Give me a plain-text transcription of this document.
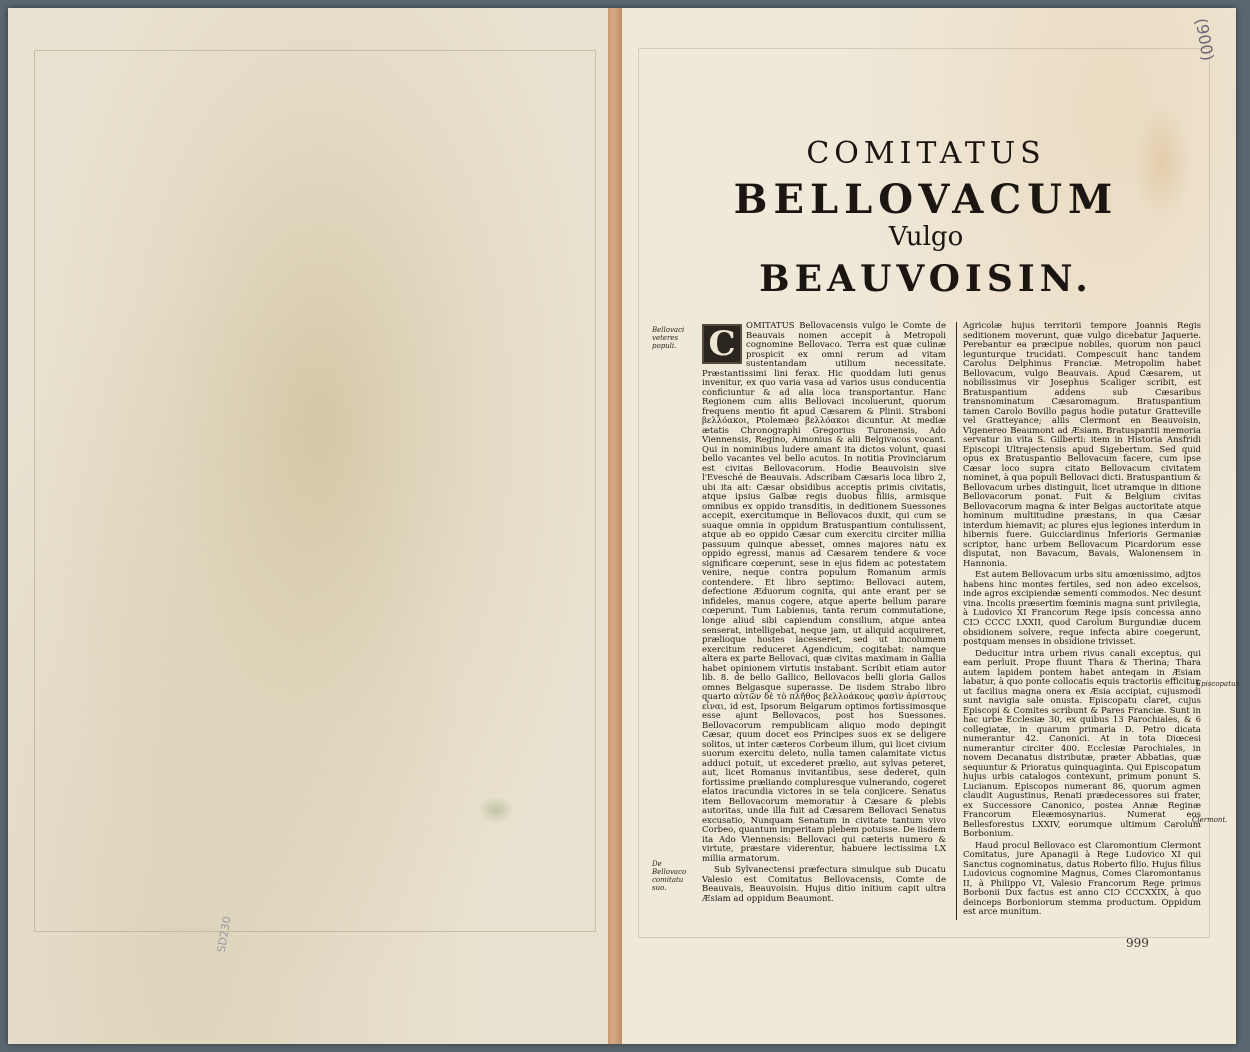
SD230
(900)
COMITATUS
BELLOVACUM
Vulgo
BEAUVOISIN.
Bellovaci veteres populi.
De Bellovaco comitatu suo.
Episcopatus.
Clermont.
C	OMITATUS Bellovacensis vulgo le Comte de Beauvais nomen accepit à Metropoli cognomine Bellovaco. Terra est quæ culinæ prospicit ex omni rerum ad vitam sustentandam utilium necessitate. Præstantissimi lini ferax. Hic quoddam luti genus invenitur, ex quo varia vasa ad varios usus conducentia conficiuntur & ad alia loca transportantur. Hanc Regionem cum aliis Bellovaci incoluerunt, quorum frequens mentio fit apud Cæsarem & Plinii. Straboni βελλόακοι, Ptolemæo βελλόακοι dicuntur. At mediæ ætatis Chronographi Gregorius Turonensis, Ado Viennensis, Regino, Aimonius & alii Belgivacos vocant. Qui in nominibus ludere amant ita dictos volunt, quasi bello vacantes vel bello acutos. In notitia Provinciarum est civitas Bellovacorum. Hodie Beauvoisin sive l'Evesché de Beauvais. Adscribam Cæsaris loca libro 2, ubi ita ait: Cæsar obsidibus acceptis primis civitatis, atque ipsius Galbæ regis duobus filiis, armisque omnibus ex oppido transditis, in deditionem Suessones accepit, exercitumque in Bellovacos duxit, qui cum se suaque omnia in oppidum Bratuspantium contulissent, atque ab eo oppido Cæsar cum exercitu circiter millia passuum quinque abesset, omnes majores natu ex oppido egressi, manus ad Cæsarem tendere & voce significare cœperunt, sese in ejus fidem ac potestatem venire, neque contra populum Romanum armis contendere. Et libro septimo: Bellovaci autem, defectione Æduorum cognita, qui ante erant per se infideles, manus cogere, atque aperte bellum parare cœperunt. Tum Labienus, tanta rerum commutatione, longe aliud sibi capiendum consilium, atque antea senserat, intelligebat, neque jam, ut aliquid acquireret, prælioque hostes lacesseret, sed ut incolumem exercitum reduceret Agendicum, cogitabat: namque altera ex parte Bellovaci, quæ civitas maximam in Gallia habet opinionem virtutis instabant. Scribit etiam autor lib. 8. de bello Gallico, Bellovacos belli gloria Gallos omnes Belgasque superasse. De iisdem Strabo libro quarto αὐτῶν δὲ τὸ πλῆθος βελλοάκους φασὶν ἀρίστους εἶναι, id est, Ipsorum Belgarum optimos fortissimosque esse ajunt Bellovacos, post hos Suessones. Bellovacorum rempublicam aliquo modo depingit Cæsar, quum docet eos Principes suos ex se deligere solitos, ut inter cæteros Corbeum illum, qui licet civium suorum exercitu deleto, nulla tamen calamitate victus adduci potuit, ut excederet prælio, aut sylvas peteret, aut, licet Romanus invitantibus, sese dederet, quin fortissime præliando compluresque vulnerando, cogeret elatos iracundia victores in se tela conjicere. Senatus item Bellovacorum memoratur à Cæsare & plebis autoritas, unde illa fuit ad Cæsarem Bellovaci Senatus excusatio, Nunquam Senatum in civitate tantum vivo Corbeo, quantum imperitam plebem potuisse. De iisdem ita Ado Viennensis: Bellovaci qui cæteris numero & virtute, præstare viderentur, habuere lectissima LX millia armatorum.

Sub Sylvanectensi præfectura simulque sub Ducatu Valesio est Comitatus Bellovacensis, Comte de Beauvais, Beauvoisin. Hujus ditio initium capit ultra Æsiam ad oppidum Beaumont.

Agricolæ hujus territorii tempore Joannis Regis seditionem moverunt, quæ vulgo dicebatur Jaquerie. Perebantur ea præcipue nobiles, quorum non pauci legunturque trucidati. Compescuit hanc tandem Carolus Delphinus Franciæ. Metropolim habet Bellovacum, vulgo Beauvais. Apud Cæsarem, ut nobilissimus vir Josephus Scaliger scribit, est Bratuspantium addens sub Cæsaribus transnominatum Cæsaromagum. Bratuspantium tamen Carolo Bovillo pagus hodie putatur Gratteville vel Gratteyance; aliis Clermont en Beauvoisin, Vigenereo Beaumont ad Æsiam. Bratuspantii memoria servatur in vita S. Gilberti: item in Historia Ansfridi Episcopi Ultrajectensis apud Sigebertum. Sed quid opus ex Bratuspantio Bellovacum facere, cum ipse Cæsar loco supra citato Bellovacum civitatem nominet, à qua populi Bellovaci dicti. Bratuspantium & Bellovacum urbes distinguit, licet utramque in ditione Bellovacorum ponat. Fuit & Belgium civitas Bellovacorum magna & inter Belgas auctoritate atque hominum multitudine præstans, in qua Cæsar interdum hiemavit; ac plures ejus legiones interdum in hibernis fuere. Guicciardinus Inferioris Germaniæ scriptor, hanc urbem Bellovacum Picardorum esse disputat, non Bavacum, Bavais, Walonensem in Hannonia.

Est autem Bellovacum urbs situ amœnissimo, adjtos habens hinc montes fertiles, sed non adeo excelsos, inde agros excipiendæ sementi commodos. Nec desunt vina. Incolis præsertim fœminis magna sunt privilegia, à Ludovico XI Francorum Rege ipsis concessa anno CIƆ CCCC LXXII, quod Carolum Burgundiæ ducem obsidionem solvere, reque infecta abire coegerunt, postquam menses in obsidione trivisset.

Deducitur intra urbem rivus canali exceptus, qui eam perluit. Prope fluunt Thara & Therina; Thara autem lapidem pontem habet anteqam in Æsiam labatur, à quo ponte collocatis equis tractoriis efficitur, ut facilius magna onera ex Æsia accipiat, cujusmodi sunt navigia sale onusta. Episcopatu claret, cujus Episcopi & Comites scribunt & Pares Franciæ. Sunt in hac urbe Ecclesiæ 30, ex quibus 13 Parochiales, & 6 collegiatæ, in quarum primaria D. Petro dicata numerantur 42. Canonici. At in tota Diœcesi numerantur circiter 400. Ecclesiæ Parochiales, in novem Decanatus distributæ, præter Abbatias, quæ sequuntur & Prioratus quinquaginta. Qui Episcopatum hujus urbis catalogos contexunt, primum ponunt S. Lucianum. Episcopos numerant 86, quorum agmen claudit Augustinus, Renati prædecessores sui frater, ex Successore Canonico, postea Annæ Reginæ Francorum Eleæmosynarius. Numerat eos Bellesforestus LXXIV, eorumque ultimum Carolum Borbonium.

Haud procul Bellovaco est Claromontium Clermont Comitatus, jure Apanagii à Rege Ludovico XI qui Sanctus cognominatus, datus Roberto filio. Hujus filius Ludovicus cognomine Magnus, Comes Claromontanus II, à Philippo VI, Valesio Francorum Rege primus Borbonii Dux factus est anno CIƆ CCCXXIX, à quo deinceps Borboniorum stemma productum. Oppidum est arce munitum.

999
